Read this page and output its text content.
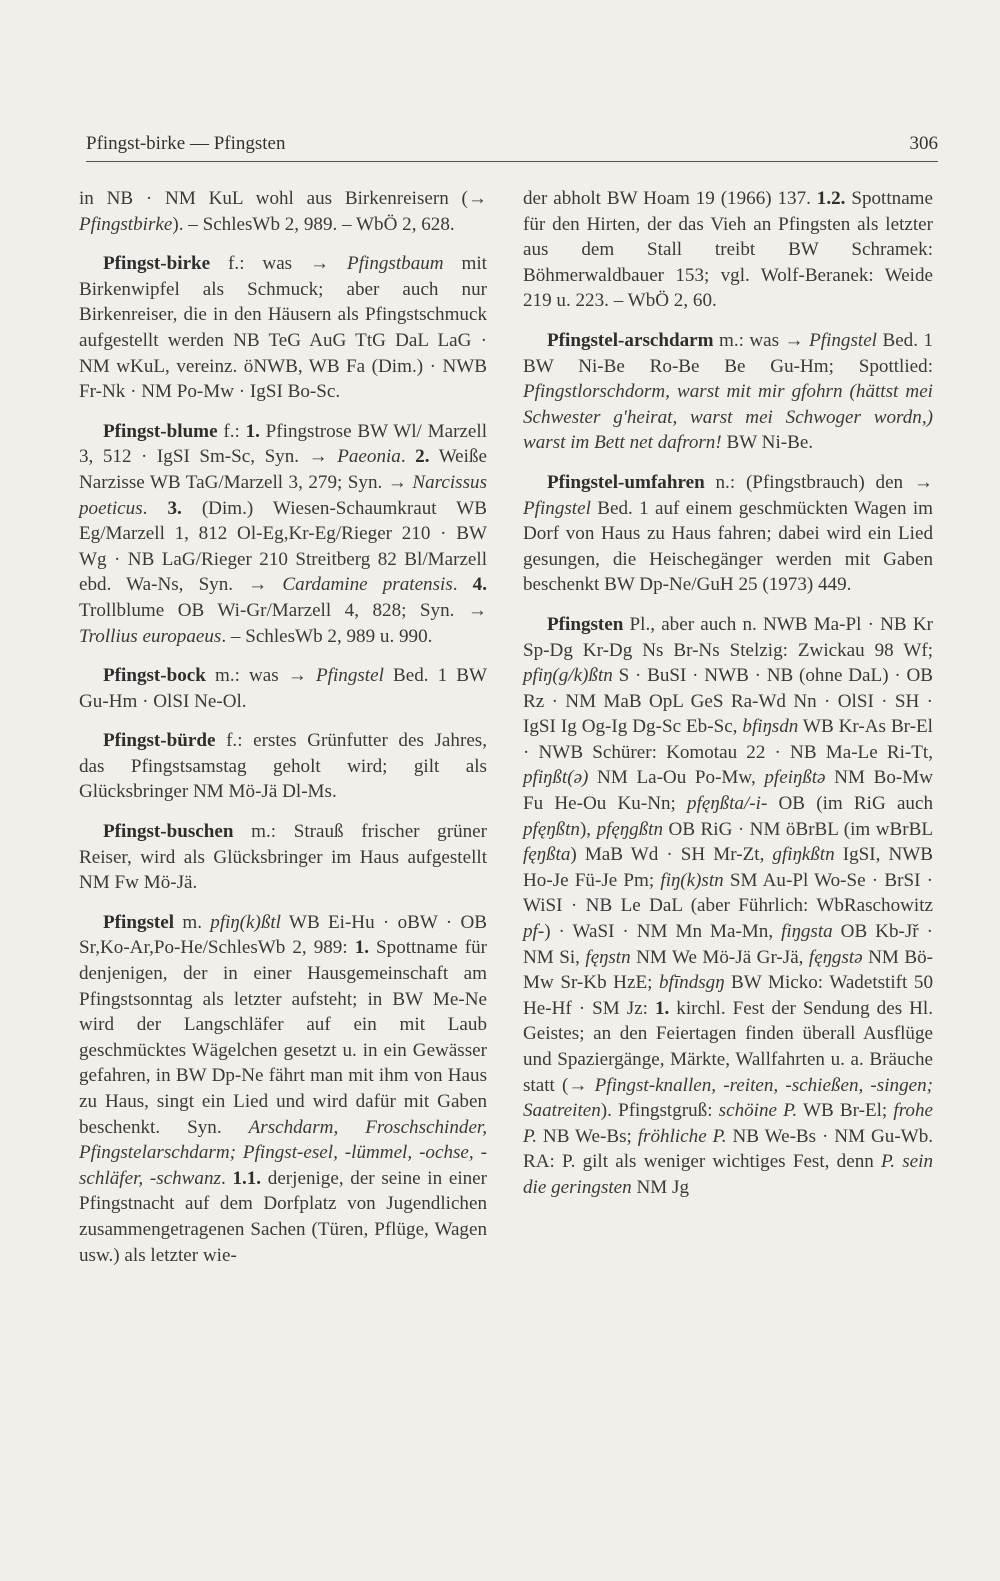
Pfingst-birke — Pfingsten	306

in NB · NM KuL wohl aus Birkenreisern (→ Pfingstbirke). – SchlesWb 2, 989. – WbÖ 2, 628.

Pfingst-birke f.: was → Pfingstbaum mit Birkenwipfel als Schmuck; aber auch nur Birkenreiser, die in den Häusern als Pfingstschmuck aufgestellt werden NB TeG AuG TtG DaL LaG · NM wKuL, vereinz. öNWB, WB Fa (Dim.) · NWB Fr-Nk · NM Po-Mw · IgSI Bo-Sc.

Pfingst-blume f.: 1. Pfingstrose BW Wl/ Marzell 3, 512 · IgSI Sm-Sc, Syn. → Paeonia. 2. Weiße Narzisse WB TaG/Marzell 3, 279; Syn. → Narcissus poeticus. 3. (Dim.) Wiesen-Schaumkraut WB Eg/Marzell 1, 812 Ol-Eg,Kr-Eg/Rieger 210 · BW Wg · NB LaG/Rieger 210 Streitberg 82 Bl/Marzell ebd. Wa-Ns, Syn. → Cardamine pratensis. 4. Trollblume OB Wi-Gr/Marzell 4, 828; Syn. → Trollius europaeus. – SchlesWb 2, 989 u. 990.

Pfingst-bock m.: was → Pfingstel Bed. 1 BW Gu-Hm · OlSI Ne-Ol.

Pfingst-bürde f.: erstes Grünfutter des Jahres, das Pfingstsamstag geholt wird; gilt als Glücksbringer NM Mö-Jä Dl-Ms.

Pfingst-buschen m.: Strauß frischer grüner Reiser, wird als Glücksbringer im Haus aufgestellt NM Fw Mö-Jä.

Pfingstel m. pfiŋ(k)ßtl WB Ei-Hu · oBW · OB Sr,Ko-Ar,Po-He/SchlesWb 2, 989: 1. Spottname für denjenigen, der in einer Hausgemeinschaft am Pfingstsonntag als letzter aufsteht; in BW Me-Ne wird der Langschläfer auf ein mit Laub geschmücktes Wägelchen gesetzt u. in ein Gewässer gefahren, in BW Dp-Ne fährt man mit ihm von Haus zu Haus, singt ein Lied und wird dafür mit Gaben beschenkt. Syn. Arschdarm, Froschschinder, Pfingstelarschdarm; Pfingst-esel, -lümmel, -ochse, -schläfer, -schwanz. 1.1. derjenige, der seine in einer Pfingstnacht auf dem Dorfplatz von Jugendlichen zusammengetragenen Sachen (Türen, Pflüge, Wagen usw.) als letzter wie-

der abholt BW Hoam 19 (1966) 137. 1.2. Spottname für den Hirten, der das Vieh an Pfingsten als letzter aus dem Stall treibt BW Schramek: Böhmerwaldbauer 153; vgl. Wolf-Beranek: Weide 219 u. 223. – WbÖ 2, 60.

Pfingstel-arschdarm m.: was → Pfingstel Bed. 1 BW Ni-Be Ro-Be Be Gu-Hm; Spottlied: Pfingstlorschdorm, warst mit mir gfohrn (hättst mei Schwester g'heirat, warst mei Schwoger wordn,) warst im Bett net dafrorn! BW Ni-Be.

Pfingstel-umfahren n.: (Pfingstbrauch) den → Pfingstel Bed. 1 auf einem geschmückten Wagen im Dorf von Haus zu Haus fahren; dabei wird ein Lied gesungen, die Heischegänger werden mit Gaben beschenkt BW Dp-Ne/GuH 25 (1973) 449.

Pfingsten Pl., aber auch n. NWB Ma-Pl · NB Kr Sp-Dg Kr-Dg Ns Br-Ns Stelzig: Zwickau 98 Wf; pfiŋ(g/k)ßtn S · BuSI · NWB · NB (ohne DaL) · OB Rz · NM MaB OpL GeS Ra-Wd Nn · OlSI · SH · IgSI Ig Og-Ig Dg-Sc Eb-Sc, bfiŋsdn WB Kr-As Br-El · NWB Schürer: Komotau 22 · NB Ma-Le Ri-Tt, pfiŋßt(ə) NM La-Ou Po-Mw, pfeiŋßtə NM Bo-Mw Fu He-Ou Ku-Nn; pfęŋßta/-i- OB (im RiG auch pfęŋßtn), pfęŋgßtn OB RiG · NM öBrBL (im wBrBL fęŋßta) MaB Wd · SH Mr-Zt, gfiŋkßtn IgSI, NWB Ho-Je Fü-Je Pm; fiŋ(k)stn SM Au-Pl Wo-Se · BrSI · WiSI · NB Le DaL (aber Führlich: WbRaschowitz pf-) · WaSI · NM Mn Ma-Mn, fiŋgsta OB Kb-Jř · NM Si, fęŋstn NM We Mö-Jä Gr-Jä, fęŋgstə NM Bö-Mw Sr-Kb HzE; bfīndsgŋ BW Micko: Wadetstift 50 He-Hf · SM Jz: 1. kirchl. Fest der Sendung des Hl. Geistes; an den Feiertagen finden überall Ausflüge und Spaziergänge, Märkte, Wallfahrten u. a. Bräuche statt (→ Pfingst-knallen, -reiten, -schießen, -singen; Saatreiten). Pfingstgruß: schöine P. WB Br-El; frohe P. NB We-Bs; fröhliche P. NB We-Bs · NM Gu-Wb. RA: P. gilt als weniger wichtiges Fest, denn P. sein die geringsten NM Jg
